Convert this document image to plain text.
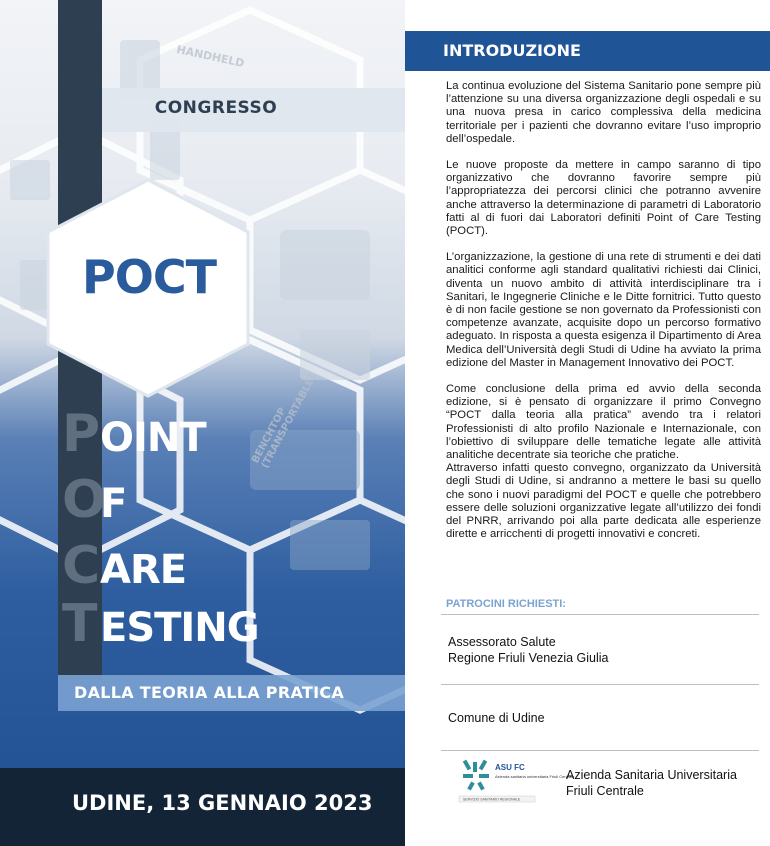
HANDHELD
BENCHTOP (TRANSPORTABLE)
CONGRESSO
POCT
POINT
OF
CARE
TESTING
DALLA TEORIA ALLA PRATICA
UDINE, 13 GENNAIO 2023
INTRODUZIONE

La continua evoluzione del Sistema Sanitario pone sempre più l’attenzione su una diversa organizzazione degli ospedali e su una nuova presa in carico complessiva della medicina territoriale per i pazienti che dovranno evitare l’uso improprio dell’ospedale.

Le nuove proposte da mettere in campo saranno di tipo organizzativo che dovranno favorire sempre più l’appropriatezza dei percorsi clinici che potranno avvenire anche attraverso la determinazione di parametri di Laboratorio fatti al di fuori dai Laboratori definiti Point of Care Testing (POCT).

L’organizzazione, la gestione di una rete di strumenti e dei dati analitici conforme agli standard qualitativi richiesti dai Clinici, diventa un nuovo ambito di attività interdisciplinare tra i Sanitari, le Ingegnerie Cliniche e le Ditte fornitrici. Tutto questo è di non facile gestione se non governato da Professionisti con competenze avanzate, acquisite dopo un percorso formativo adeguato. In risposta a questa esigenza il Dipartimento di Area Medica dell’Università degli Studi di Udine ha avviato la prima edizione del Master in Management Innovativo dei POCT.

Come conclusione della prima ed avvio della seconda edizione, si è pensato di organizzare il primo Convegno “POCT dalla teoria alla pratica” avendo tra i relatori Professionisti di alto profilo Nazionale e Internazionale, con l’obiettivo di sviluppare delle tematiche legate alle attività analitiche decentrate sia teoriche che pratiche.

Attraverso infatti questo convegno, organizzato da Università degli Studi di Udine, si andranno a mettere le basi su quello che sono i nuovi paradigmi del POCT e quelle che potrebbero essere delle soluzioni organizzative legate all’utilizzo dei fondi del PNRR, arrivando poi alla parte dedicata alle esperienze dirette e arricchenti di progetti innovativi e concreti.

PATROCINI RICHIESTI:
Assessorato Salute
Regione Friuli Venezia Giulia
Comune di Udine
ASU FC
Azienda sanitaria universitaria Friuli Centrale
SERVIZIO SANITARIO REGIONALE
Azienda Sanitaria Universitaria
Friuli Centrale
